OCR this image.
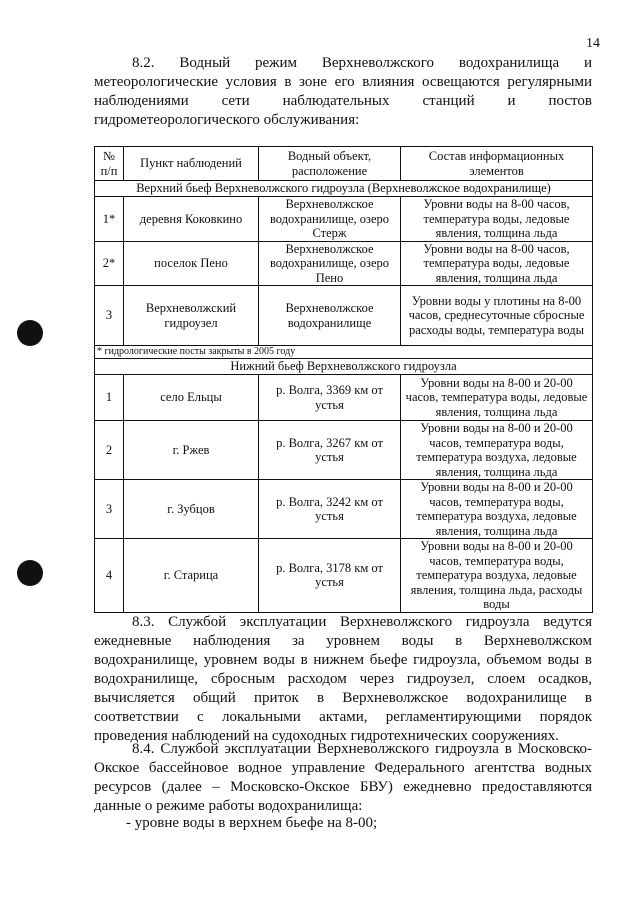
14

8.2. Водный режим Верхневолжского водохранилища и метеорологические условия в зоне его влияния освещаются регулярными наблюдениями сети наблюдательных станций и постов гидрометеорологического обслуживания:

№ п/п	Пункт наблюдений	Водный объект, расположение	Состав информационных элементов
Верхний бьеф Верхневолжского гидроузла (Верхневолжское водохранилище)			
1*	деревня Коковкино	Верхневолжское водохранилище, озеро Стерж	Уровни воды на 8-00 часов, температура воды, ледовые явления, толщина льда
2*	поселок Пено	Верхневолжское водохранилище, озеро Пено	Уровни воды на 8-00 часов, температура воды, ледовые явления, толщина льда
3	Верхневолжский гидроузел	Верхневолжское водохранилище	Уровни воды у плотины на 8-00 часов, среднесуточные сбросные расходы воды, температура воды
* гидрологические посты закрыты в 2005 году			
Нижний бьеф Верхневолжского гидроузла			
1	село Ельцы	р. Волга, 3369 км от устья	Уровни воды на 8-00 и 20-00 часов, температура воды, ледовые явления, толщина льда
2	г. Ржев	р. Волга, 3267 км от устья	Уровни воды на 8-00 и 20-00 часов, температура воды, температура воздуха, ледовые явления, толщина льда
3	г. Зубцов	р. Волга, 3242 км от устья	Уровни воды на 8-00 и 20-00 часов, температура воды, температура воздуха, ледовые явления, толщина льда
4	г. Старица	р. Волга, 3178 км от устья	Уровни воды на 8-00 и 20-00 часов, температура воды, температура воздуха, ледовые явления, толщина льда, расходы воды

8.3. Службой эксплуатации Верхневолжского гидроузла ведутся ежедневные наблюдения за уровнем воды в Верхневолжском водохранилище, уровнем воды в нижнем бьефе гидроузла, объемом воды в водохранилище, сбросным расходом через гидроузел, слоем осадков, вычисляется общий приток в Верхневолжское водохранилище в соответствии с локальными актами, регламентирующими порядок проведения наблюдений на судоходных гидротехнических сооружениях.

8.4. Службой эксплуатации Верхневолжского гидроузла в Московско-Окское бассейновое водное управление Федерального агентства водных ресурсов (далее – Московско-Окское БВУ) ежедневно предоставляются данные о режиме работы водохранилища:

- уровне воды в верхнем бьефе на 8-00;
